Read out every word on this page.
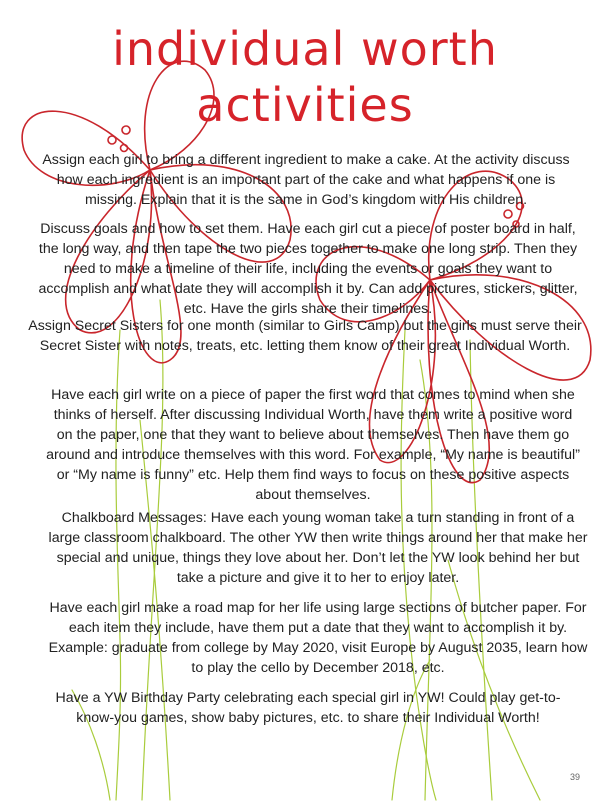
individual worth
activities

Assign each girl to bring a different ingredient to make a cake. At the activity discuss how each ingredient is an important part of the cake and what happens if one is missing. Explain that it is the same in God’s kingdom with His children.

Discuss goals and how to set them. Have each girl cut a piece of poster board in half, the long way, and then tape the two pieces together to make one long strip. Then they need to make a timeline of their life, including the events or goals they want to accomplish and what date they will accomplish it by. Can add pictures, stickers, glitter, etc. Have the girls share their timelines.

Assign Secret Sisters for one month (similar to Girls Camp) but the girls must serve their Secret Sister with notes, treats, etc. letting them know of their great Individual Worth.

Have each girl write on a piece of paper the first word that comes to mind when she thinks of herself. After discussing Individual Worth, have them write a positive word on the paper, one that they want to believe about themselves. Then have them go around and introduce themselves with this word. For example, “My name is beautiful” or “My name is funny” etc. Help them find ways to focus on these positive aspects about themselves.

Chalkboard Messages: Have each young woman take a turn standing in front of a large classroom chalkboard. The other YW then write things around her that make her special and unique, things they love about her. Don’t let the YW look behind her but take a picture and give it to her to enjoy later.

Have each girl make a road map for her life using large sections of butcher paper. For each item they include, have them put a date that they want to accomplish it by. Example: graduate from college by May 2020, visit Europe by August 2035, learn how to play the cello by December 2018, etc.

Have a YW Birthday Party celebrating each special girl in YW! Could play get-to-know-you games, show baby pictures, etc. to share their Individual Worth!

39
